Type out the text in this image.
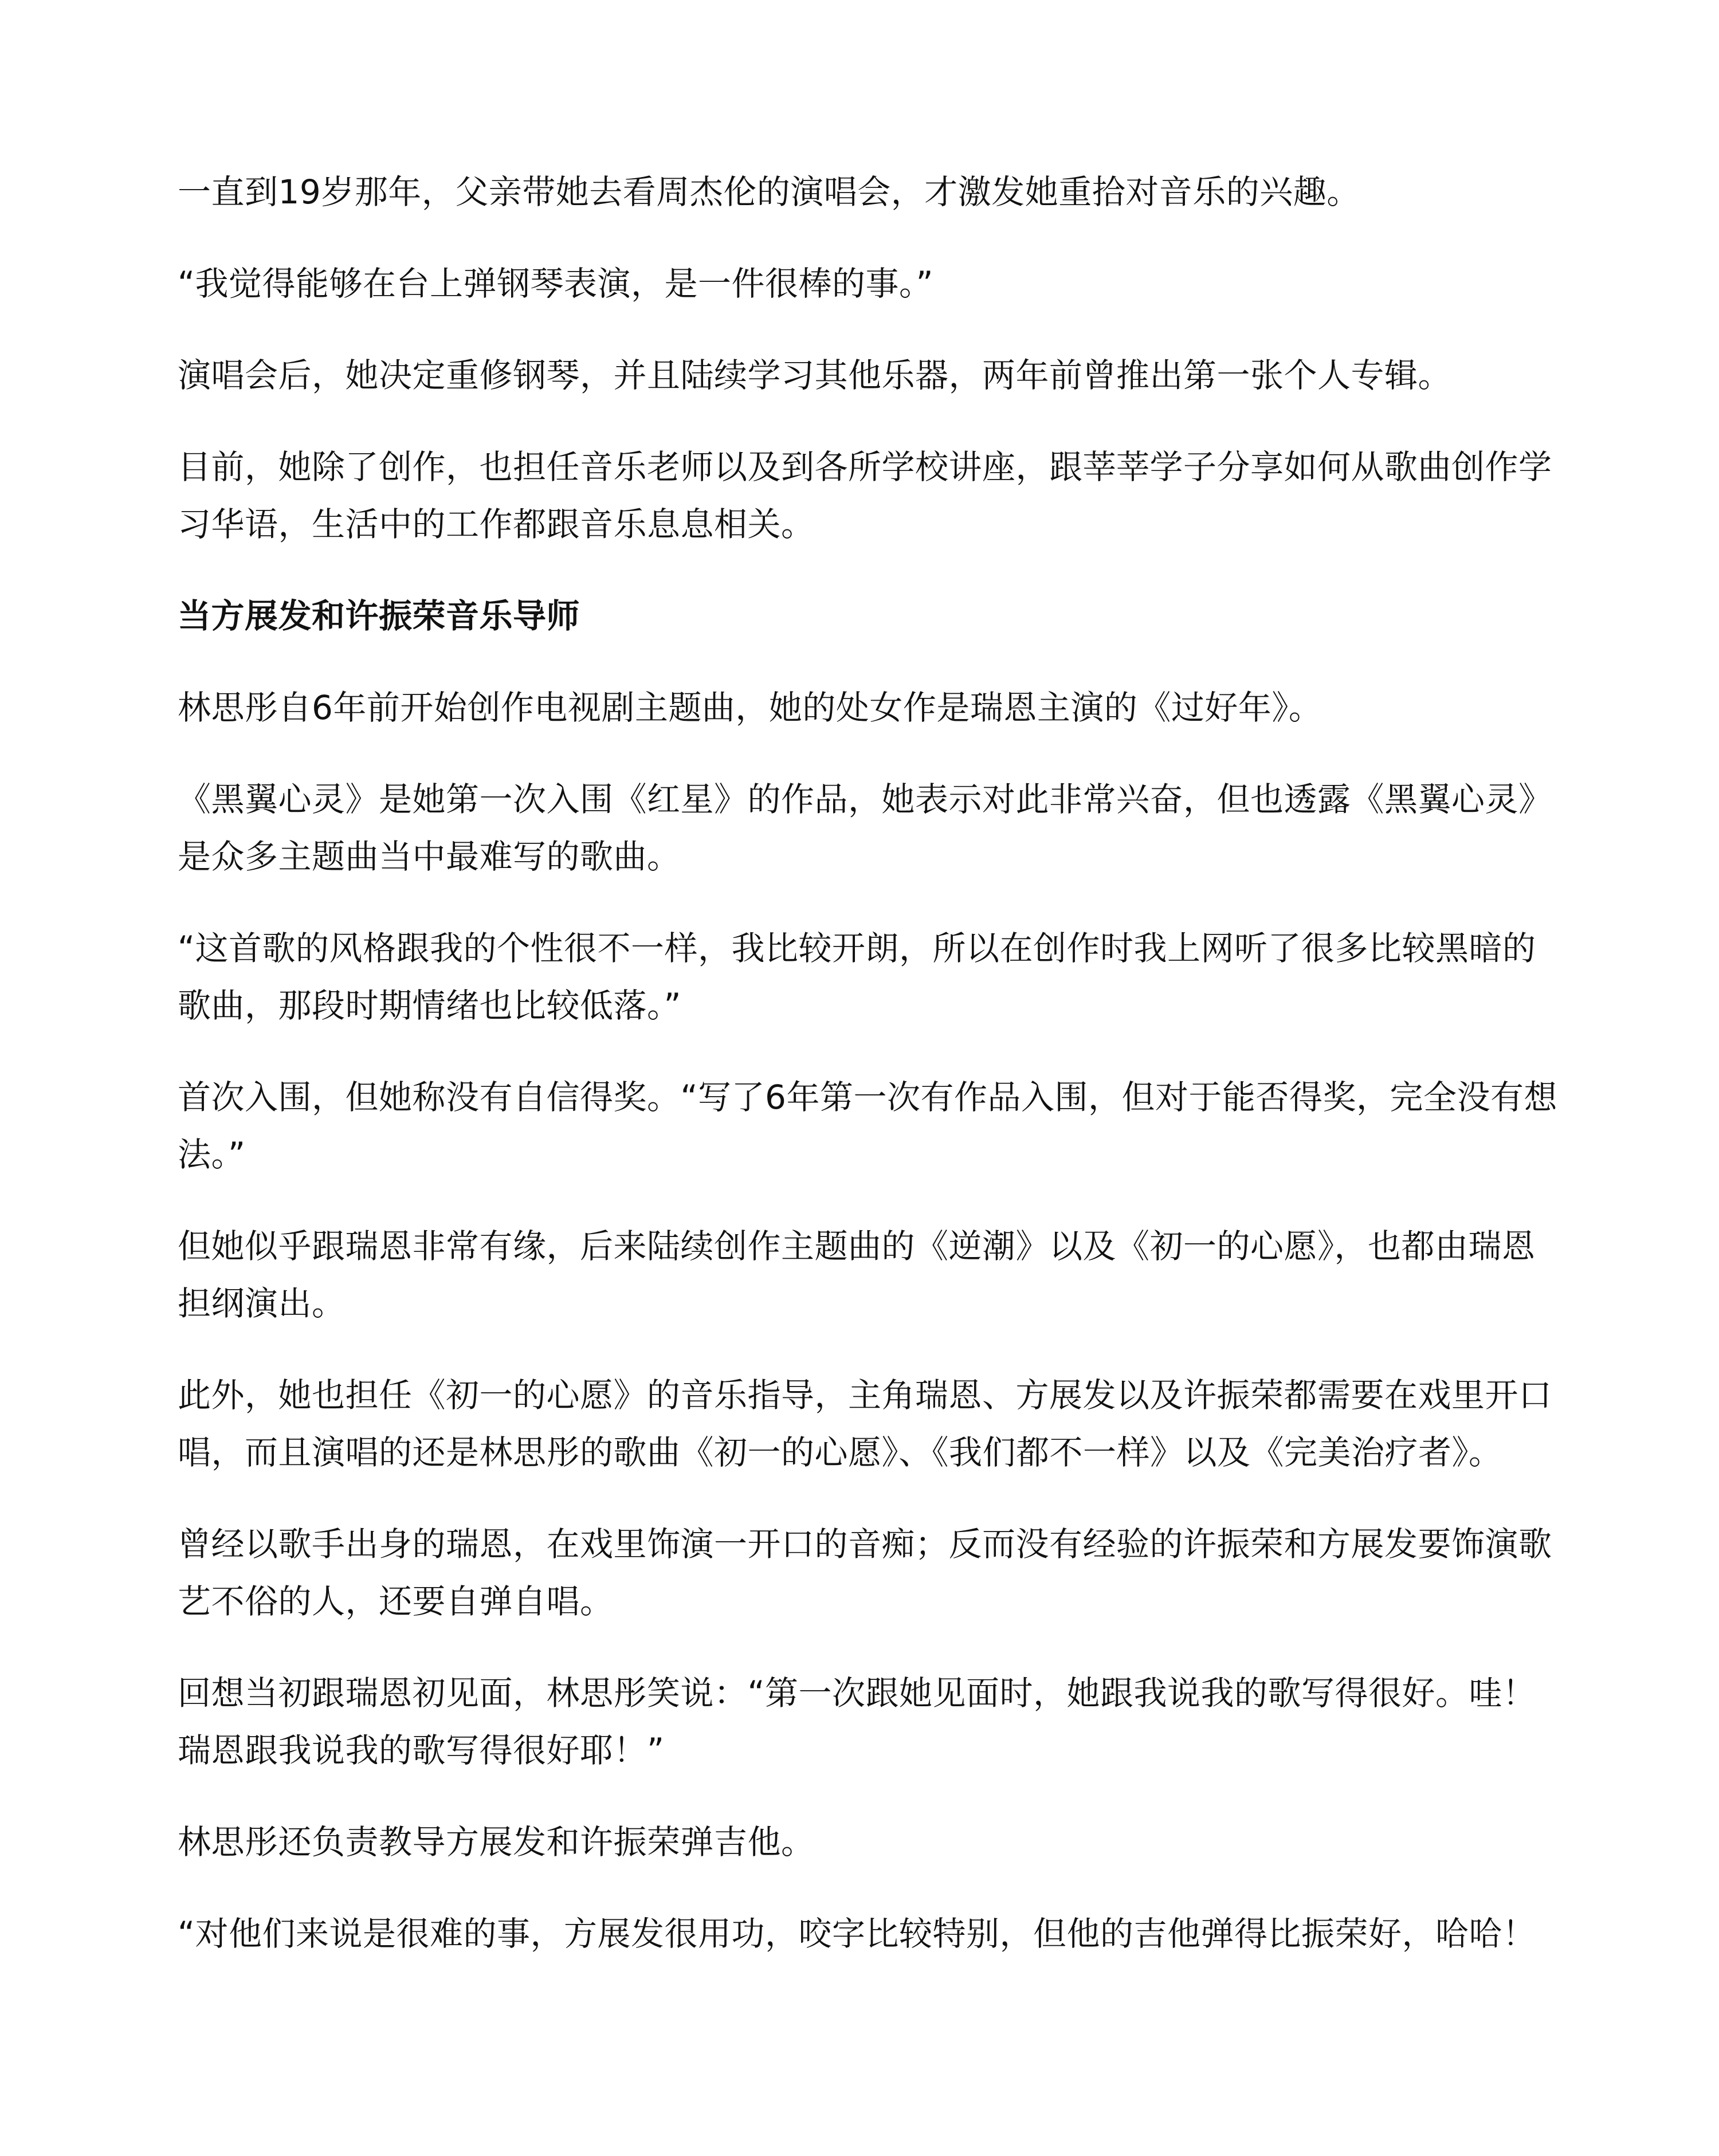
一直到19岁那年，父亲带她去看周杰伦的演唱会，才激发她重拾对音乐的兴趣。

“我觉得能够在台上弹钢琴表演，是一件很棒的事。”

演唱会后，她决定重修钢琴，并且陆续学习其他乐器，两年前曾推出第一张个人专辑。

目前，她除了创作，也担任音乐老师以及到各所学校讲座，跟莘莘学子分享如何从歌曲创作学习华语，生活中的工作都跟音乐息息相关。

当方展发和许振荣音乐导师

林思彤自6年前开始创作电视剧主题曲，她的处女作是瑞恩主演的《过好年》。

《黑翼心灵》是她第一次入围《红星》的作品，她表示对此非常兴奋，但也透露《黑翼心灵》是众多主题曲当中最难写的歌曲。

“这首歌的风格跟我的个性很不一样，我比较开朗，所以在创作时我上网听了很多比较黑暗的歌曲，那段时期情绪也比较低落。”

首次入围，但她称没有自信得奖。“写了6年第一次有作品入围，但对于能否得奖，完全没有想法。”

但她似乎跟瑞恩非常有缘，后来陆续创作主题曲的《逆潮》以及《初一的心愿》，也都由瑞恩担纲演出。

此外，她也担任《初一的心愿》的音乐指导，主角瑞恩、方展发以及许振荣都需要在戏里开口唱，而且演唱的还是林思彤的歌曲《初一的心愿》、《我们都不一样》以及《完美治疗者》。

曾经以歌手出身的瑞恩，在戏里饰演一开口的音痴；反而没有经验的许振荣和方展发要饰演歌艺不俗的人，还要自弹自唱。

回想当初跟瑞恩初见面，林思彤笑说：“第一次跟她见面时，她跟我说我的歌写得很好。哇！瑞恩跟我说我的歌写得很好耶！”

林思彤还负责教导方展发和许振荣弹吉他。

“对他们来说是很难的事，方展发很用功，咬字比较特别，但他的吉他弹得比振荣好，哈哈！
